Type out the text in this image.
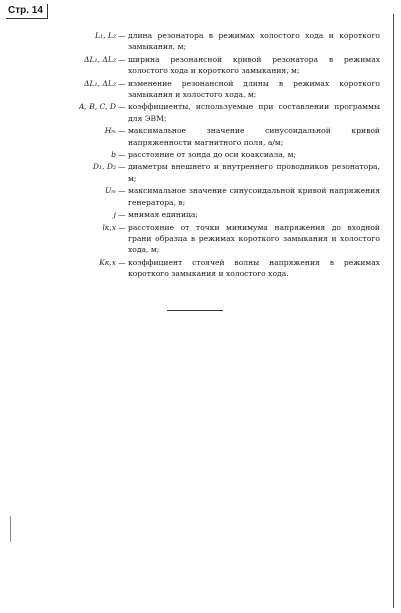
Стр. 14
L₁, L₂ — длина резонатора в режимах холостого хода и короткого замыкания, м;
ΔL₁, ΔL₂ — ширина резонансной кривой резонатора в режимах холостого хода и короткого замыкания, м;
ΔL₁, ΔL₂ — изменение резонансной длины в режимах короткого замыкания и холостого хода, м;
A, B, C, D — коэффициенты, используемые при составлении программы для ЭВМ;
Hₘ — максимальное значение синусоидальной кривой напряженности магнитного поля, а/м;
b — расстояние от зонда до оси коаксиала, м;
D₁, D₂ — диаметры внешнего и внутреннего проводников резонатора, м;
Uₘ — максимальное значение синусоидальной кривой напряжения генератора, в;
j — мнимая единица;
lк,х — расстояние от точки минимума напряжения до входной грани образца в режимах короткого замыкания и холостого хода, м;
Kк,х — коэффициент стоячей волны напряжения в режимах короткого замыкания и холостого хода.
